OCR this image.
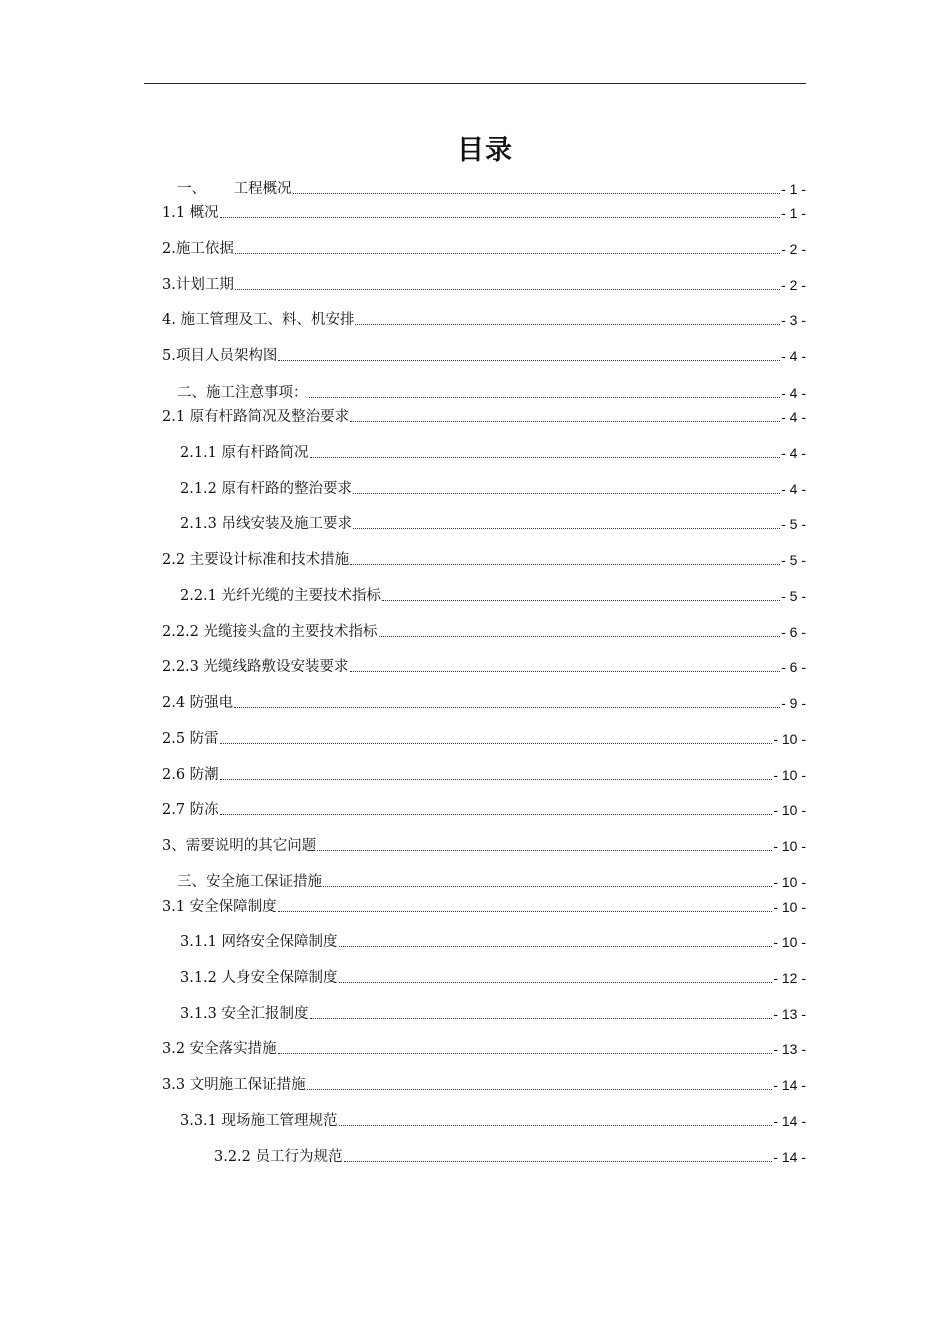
目录
一、      工程概况	- 1 -
1.1 概况	- 1 -
2.施工依据	- 2 -
3.计划工期	- 2 -
4. 施工管理及工、料、机安排	- 3 -
5.项目人员架构图	- 4 -
二、施工注意事项：	- 4 -
2.1 原有杆路简况及整治要求	- 4 -
2.1.1 原有杆路简况	- 4 -
2.1.2 原有杆路的整治要求	- 4 -
2.1.3 吊线安装及施工要求	- 5 -
2.2 主要设计标准和技术措施	- 5 -
2.2.1 光纤光缆的主要技术指标	- 5 -
2.2.2 光缆接头盒的主要技术指标	- 6 -
2.2.3 光缆线路敷设安装要求	- 6 -
2.4 防强电	- 9 -
2.5 防雷	- 10 -
2.6 防潮	- 10 -
2.7 防冻	- 10 -
3、需要说明的其它问题	- 10 -
三、安全施工保证措施	- 10 -
3.1 安全保障制度	- 10 -
3.1.1 网络安全保障制度	- 10 -
3.1.2 人身安全保障制度	- 12 -
3.1.3 安全汇报制度	- 13 -
3.2 安全落实措施	- 13 -
3.3 文明施工保证措施	- 14 -
3.3.1 现场施工管理规范	- 14 -
3.2.2 员工行为规范	- 14 -
